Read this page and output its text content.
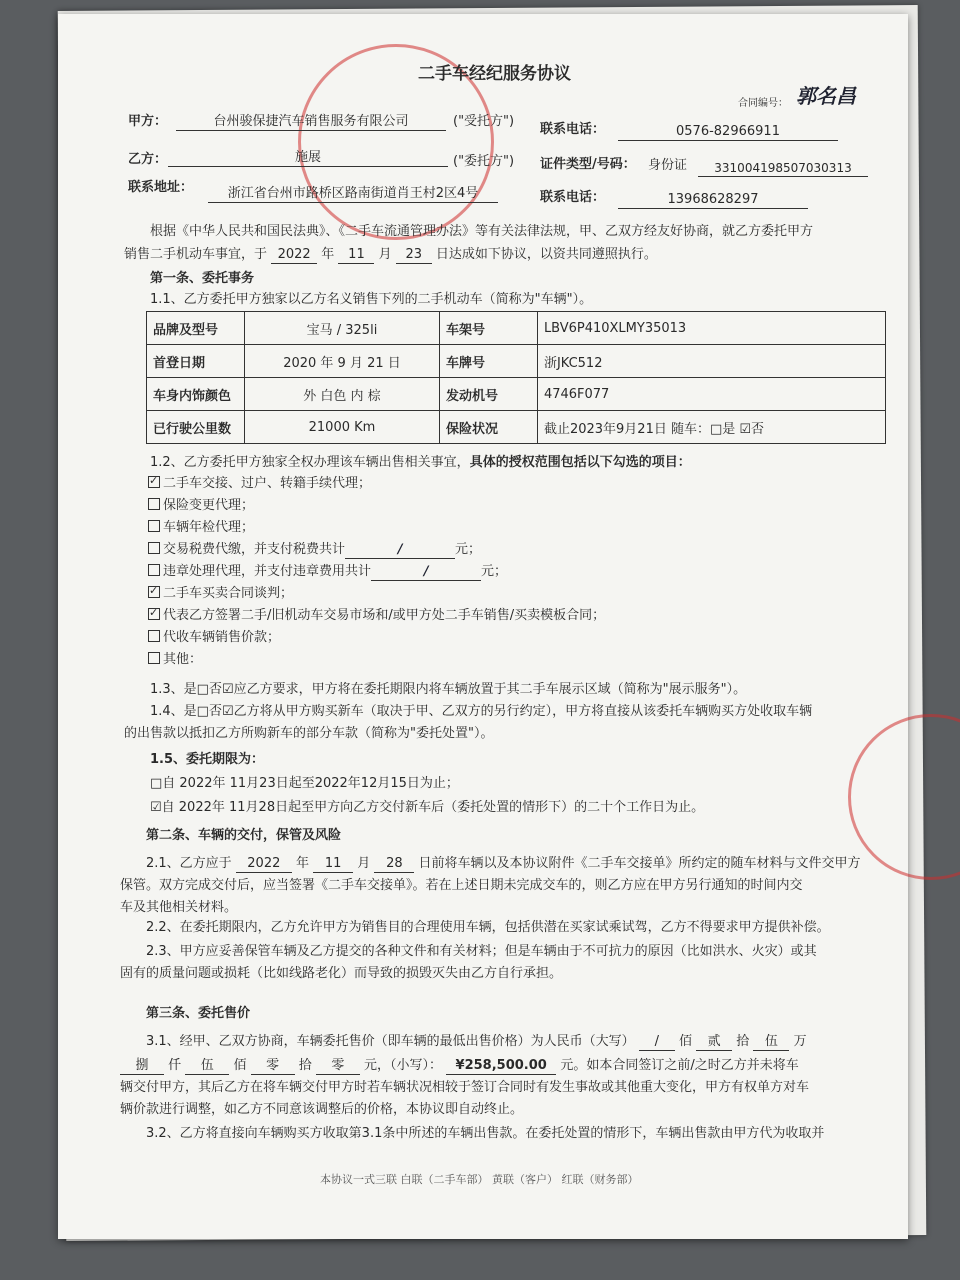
二手车经纪服务协议
合同编号： 郭名昌
甲方：	台州骏保捷汽车销售服务有限公司	("受托方")
联系电话：	0576-82966911
乙方：	施展	("委托方") 证件类型/号码： 身份证	331004198507030313
联系地址：	浙江省台州市路桥区路南街道肖王村2区4号	联系电话：	13968628297
根据《中华人民共和国民法典》、《二手车流通管理办法》等有关法律法规，甲、乙双方经友好协商，就乙方委托甲方
销售二手机动车事宜，于 2022 年 11 月 23 日达成如下协议，以资共同遵照执行。
第一条、委托事务
1.1、乙方委托甲方独家以乙方名义销售下列的二手机动车（简称为"车辆"）。
品牌及型号	宝马 / 325li	车架号	LBV6P410XLMY35013
首登日期	2020 年 9 月 21 日	车牌号	浙JKC512
车身内饰颜色	外 白色 内 棕	发动机号	4746F077
已行驶公里数	21000 Km	保险状况	截止2023年9月21日 随车：□是 ☑否
1.2、乙方委托甲方独家全权办理该车辆出售相关事宜，具体的授权范围包括以下勾选的项目：
1.3、是□否☑应乙方要求，甲方将在委托期限内将车辆放置于其二手车展示区域（简称为"展示服务"）。
1.4、是□否☑乙方将从甲方购买新车（取决于甲、乙双方的另行约定），甲方将直接从该委托车辆购买方处收取车辆
的出售款以抵扣乙方所购新车的部分车款（简称为"委托处置"）。
1.5、委托期限为：
□自 2022年 11月23日起至2022年12月15日为止；
☑自 2022年 11月28日起至甲方向乙方交付新车后（委托处置的情形下）的二十个工作日为止。
第二条、车辆的交付，保管及风险
2.1、乙方应于 2022 年 11 月 28 日前将车辆以及本协议附件《二手车交接单》所约定的随车材料与文件交甲方
保管。双方完成交付后，应当签署《二手车交接单》。若在上述日期未完成交车的，则乙方应在甲方另行通知的时间内交
车及其他相关材料。
2.2、在委托期限内，乙方允许甲方为销售目的合理使用车辆，包括供潜在买家试乘试驾，乙方不得要求甲方提供补偿。
2.3、甲方应妥善保管车辆及乙方提交的各种文件和有关材料；但是车辆由于不可抗力的原因（比如洪水、火灾）或其
固有的质量问题或损耗（比如线路老化）而导致的损毁灭失由乙方自行承担。
第三条、委托售价
3.1、经甲、乙双方协商，车辆委托售价（即车辆的最低出售价格）为人民币（大写） / 佰 贰 拾 伍 万
捌 仟 伍 佰 零 拾 零 元，（小写）： ¥258,500.00 元。如本合同签订之前/之时乙方并未将车
辆交付甲方，其后乙方在将车辆交付甲方时若车辆状况相较于签订合同时有发生事故或其他重大变化，甲方有权单方对车
辆价款进行调整，如乙方不同意该调整后的价格，本协议即自动终止。
3.2、乙方将直接向车辆购买方收取第3.1条中所述的车辆出售款。在委托处置的情形下，车辆出售款由甲方代为收取并
本协议一式三联 白联（二手车部） 黄联（客户） 红联（财务部）
✓二手车交接、过户、转籍手续代理；
保险变更代理；
车辆年检代理；
交易税费代缴，并支付税费共计	/	元；
违章处理代理，并支付违章费用共计	/	元；
✓二手车买卖合同谈判；
✓代表乙方签署二手/旧机动车交易市场和/或甲方处二手车销售/买卖模板合同；
代收车辆销售价款；
其他：
